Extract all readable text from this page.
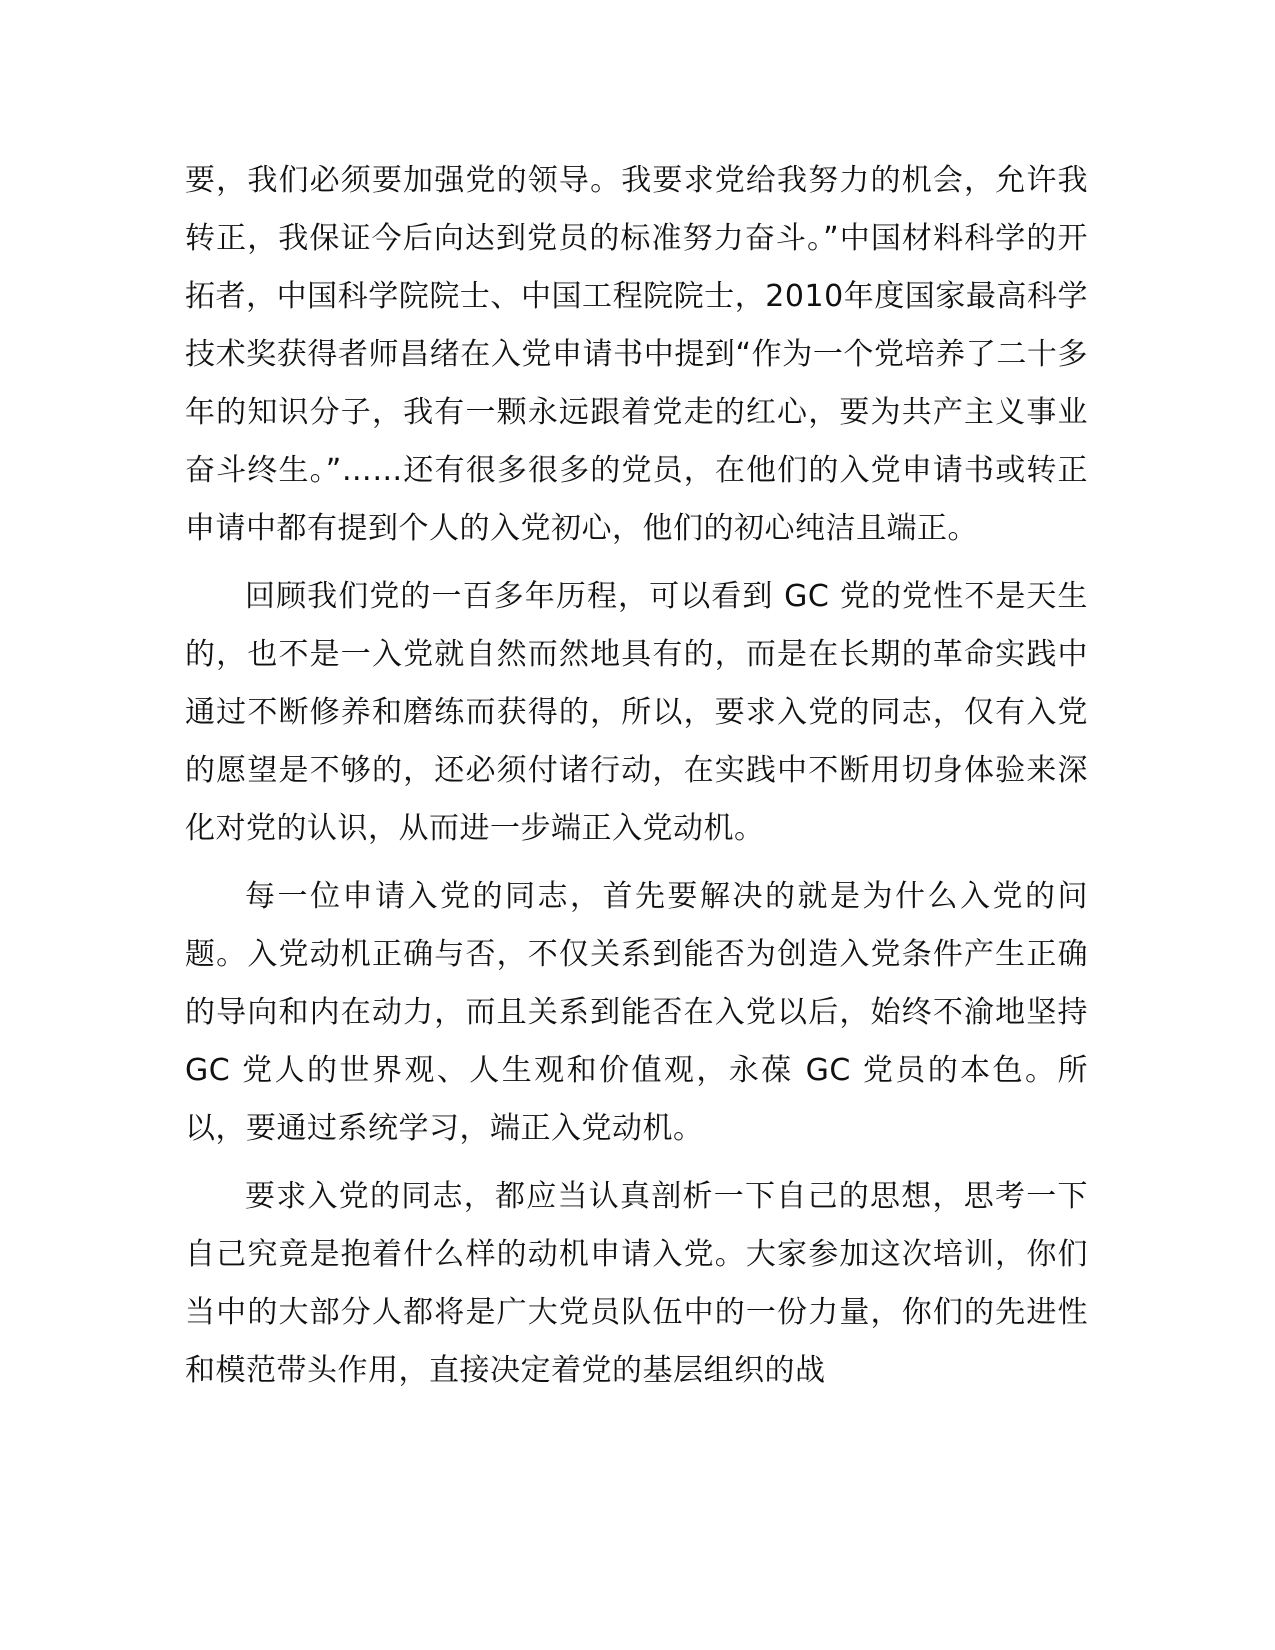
要，我们必须要加强党的领导。我要求党给我努力的机会，允许我转正，我保证今后向达到党员的标准努力奋斗。”中国材料科学的开拓者，中国科学院院士、中国工程院院士，2010年度国家最高科学技术奖获得者师昌绪在入党申请书中提到“作为一个党培养了二十多年的知识分子，我有一颗永远跟着党走的红心，要为共产主义事业奋斗终生。”……还有很多很多的党员，在他们的入党申请书或转正申请中都有提到个人的入党初心，他们的初心纯洁且端正。

回顾我们党的一百多年历程，可以看到 GC 党的党性不是天生的，也不是一入党就自然而然地具有的，而是在长期的革命实践中通过不断修养和磨练而获得的，所以，要求入党的同志，仅有入党的愿望是不够的，还必须付诸行动，在实践中不断用切身体验来深化对党的认识，从而进一步端正入党动机。

每一位申请入党的同志，首先要解决的就是为什么入党的问题。入党动机正确与否，不仅关系到能否为创造入党条件产生正确的导向和内在动力，而且关系到能否在入党以后，始终不渝地坚持 GC 党人的世界观、人生观和价值观，永葆 GC 党员的本色。所以，要通过系统学习，端正入党动机。

要求入党的同志，都应当认真剖析一下自己的思想，思考一下自己究竟是抱着什么样的动机申请入党。大家参加这次培训，你们当中的大部分人都将是广大党员队伍中的一份力量，你们的先进性和模范带头作用，直接决定着党的基层组织的战
